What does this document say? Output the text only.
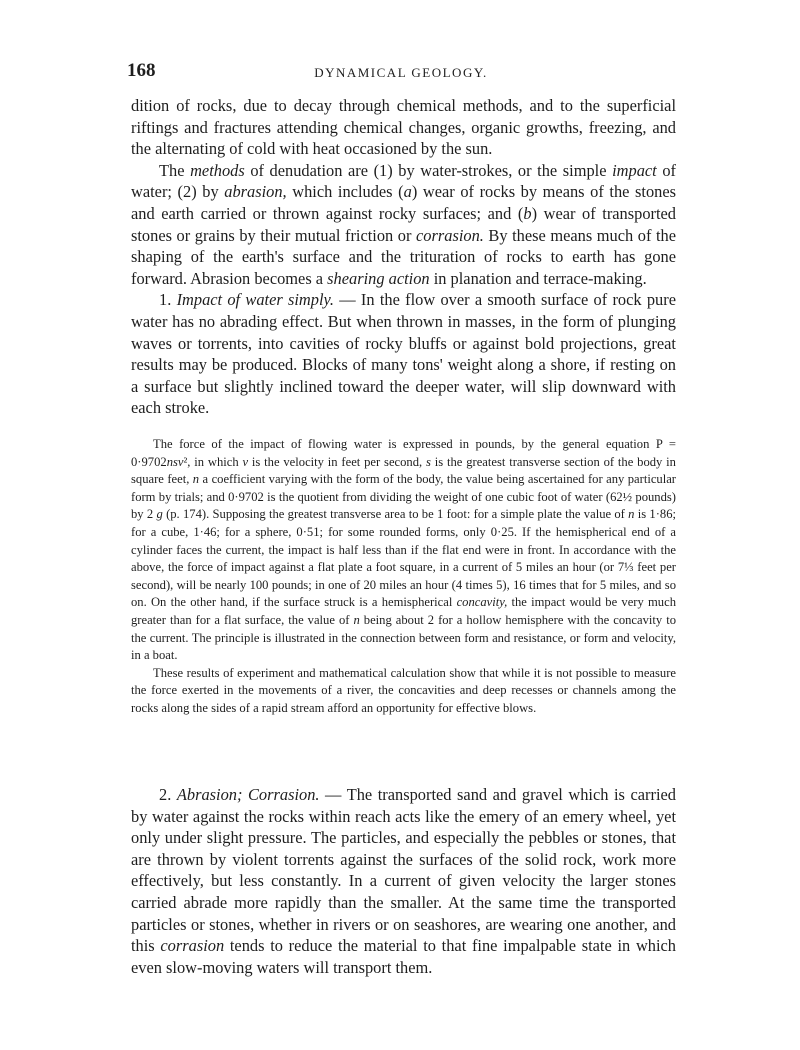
168	DYNAMICAL GEOLOGY.

dition of rocks, due to decay through chemical methods, and to the superficial riftings and fractures attending chemical changes, organic growths, freezing, and the alternating of cold with heat occasioned by the sun.

The methods of denudation are (1) by water-strokes, or the simple impact of water; (2) by abrasion, which includes (a) wear of rocks by means of the stones and earth carried or thrown against rocky surfaces; and (b) wear of transported stones or grains by their mutual friction or corrasion. By these means much of the shaping of the earth's surface and the trituration of rocks to earth has gone forward. Abrasion becomes a shearing action in planation and terrace-making.

1. Impact of water simply. — In the flow over a smooth surface of rock pure water has no abrading effect. But when thrown in masses, in the form of plunging waves or torrents, into cavities of rocky bluffs or against bold projections, great results may be produced. Blocks of many tons' weight along a shore, if resting on a surface but slightly inclined toward the deeper water, will slip downward with each stroke.

The force of the impact of flowing water is expressed in pounds, by the general equation P = 0·9702nsv², in which v is the velocity in feet per second, s is the greatest transverse section of the body in square feet, n a coefficient varying with the form of the body, the value being ascertained for any particular form by trials; and 0·9702 is the quotient from dividing the weight of one cubic foot of water (62½ pounds) by 2 g (p. 174). Supposing the greatest transverse area to be 1 foot: for a simple plate the value of n is 1·86; for a cube, 1·46; for a sphere, 0·51; for some rounded forms, only 0·25. If the hemispherical end of a cylinder faces the current, the impact is half less than if the flat end were in front. In accordance with the above, the force of impact against a flat plate a foot square, in a current of 5 miles an hour (or 7⅓ feet per second), will be nearly 100 pounds; in one of 20 miles an hour (4 times 5), 16 times that for 5 miles, and so on. On the other hand, if the surface struck is a hemispherical concavity, the impact would be very much greater than for a flat surface, the value of n being about 2 for a hollow hemisphere with the concavity to the current. The principle is illustrated in the connection between form and resistance, or form and velocity, in a boat.

These results of experiment and mathematical calculation show that while it is not possible to measure the force exerted in the movements of a river, the concavities and deep recesses or channels among the rocks along the sides of a rapid stream afford an opportunity for effective blows.

2. Abrasion; Corrasion. — The transported sand and gravel which is carried by water against the rocks within reach acts like the emery of an emery wheel, yet only under slight pressure. The particles, and especially the pebbles or stones, that are thrown by violent torrents against the surfaces of the solid rock, work more effectively, but less constantly. In a current of given velocity the larger stones carried abrade more rapidly than the smaller. At the same time the transported particles or stones, whether in rivers or on seashores, are wearing one another, and this corrasion tends to reduce the material to that fine impalpable state in which even slow-moving waters will transport them.
